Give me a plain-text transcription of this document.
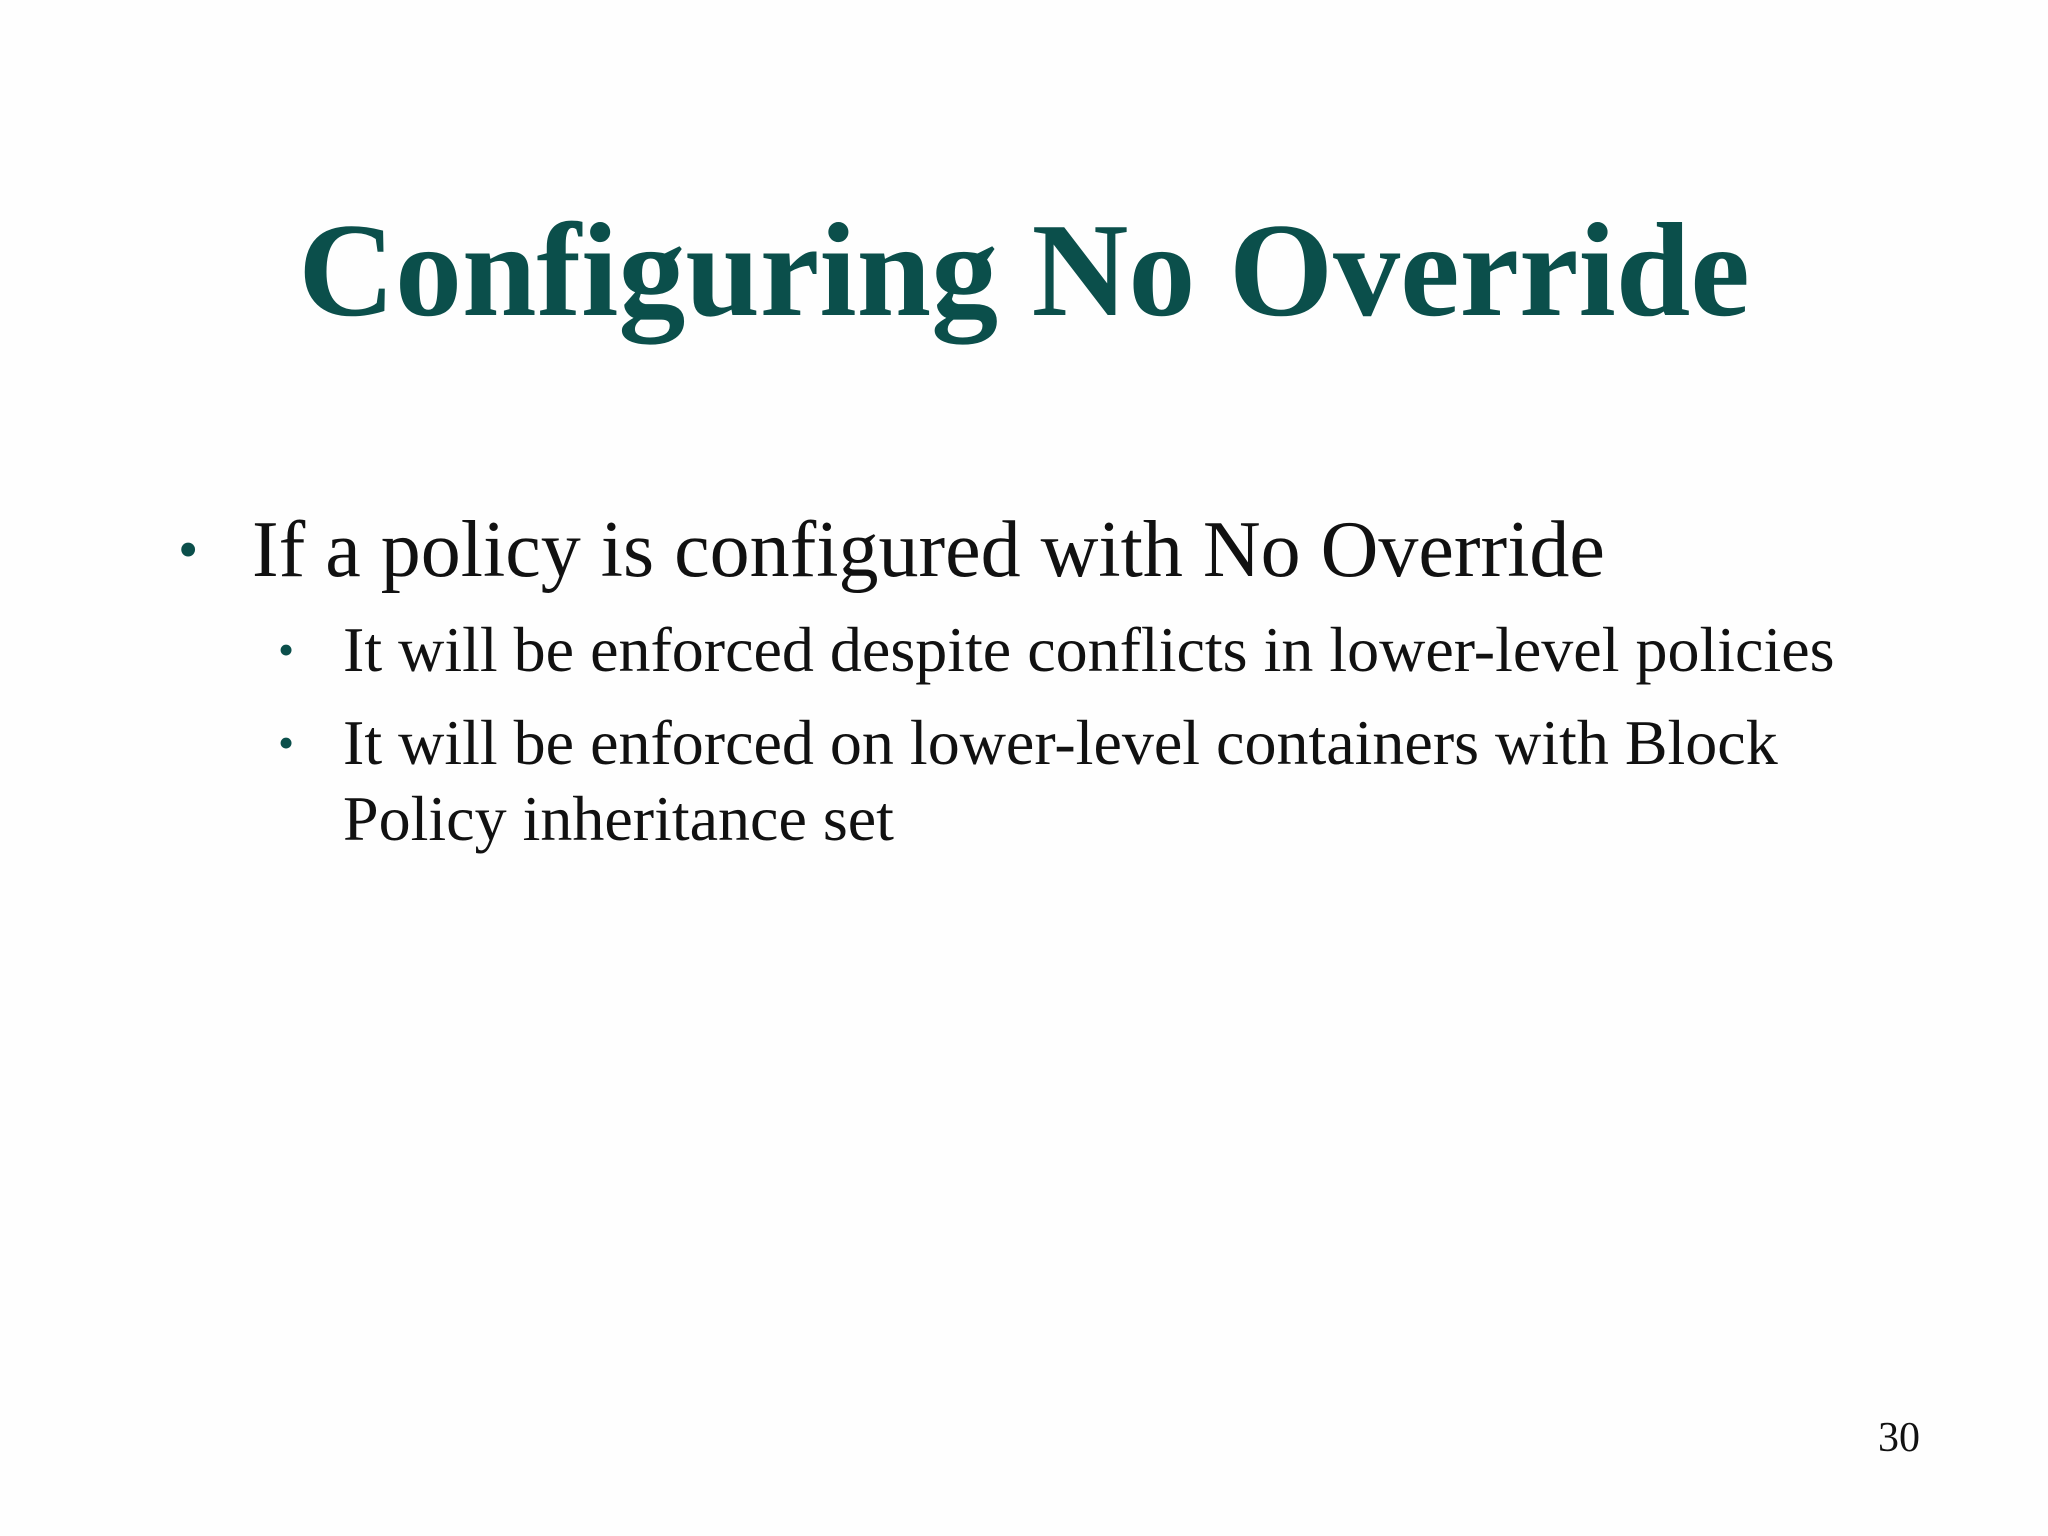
Configuring No Override
• If a policy is configured with No Override
• It will be enforced despite conflicts in lower-level policies
• It will be enforced on lower-level containers with Block Policy inheritance set
30
